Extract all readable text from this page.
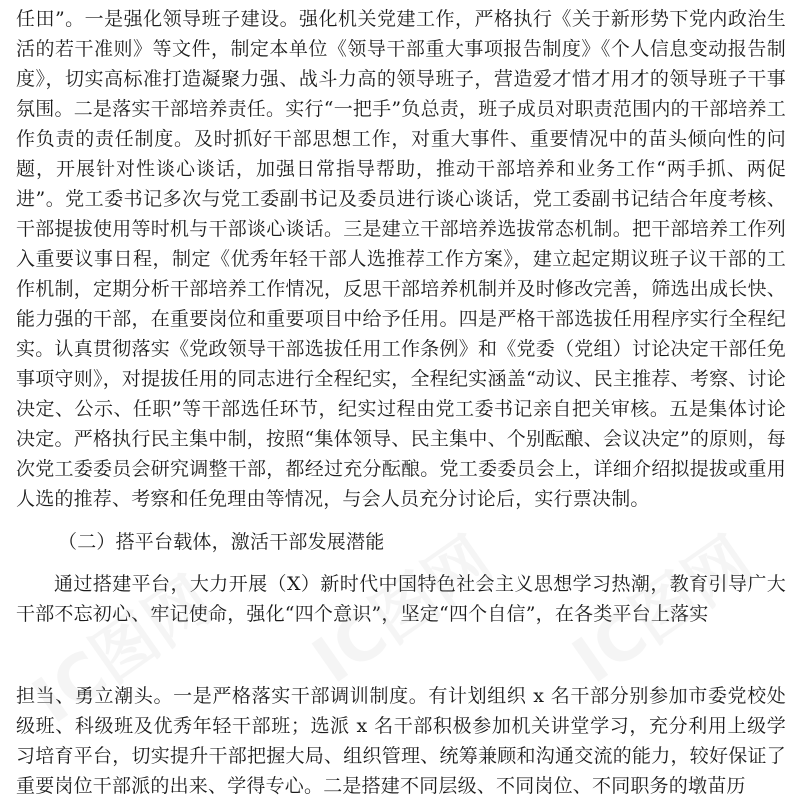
任田”。一是强化领导班子建设。强化机关党建工作，严格执行《关于新形势下党内政治生活的若干准则》等文件，制定本单位《领导干部重大事项报告制度》《个人信息变动报告制度》，切实高标准打造凝聚力强、战斗力高的领导班子，营造爱才惜才用才的领导班子干事氛围。二是落实干部培养责任。实行“一把手”负总责，班子成员对职责范围内的干部培养工作负责的责任制度。及时抓好干部思想工作，对重大事件、重要情况中的苗头倾向性的问题，开展针对性谈心谈话，加强日常指导帮助，推动干部培养和业务工作“两手抓、两促进”。党工委书记多次与党工委副书记及委员进行谈心谈话，党工委副书记结合年度考核、干部提拔使用等时机与干部谈心谈话。三是建立干部培养选拔常态机制。把干部培养工作列入重要议事日程，制定《优秀年轻干部人选推荐工作方案》，建立起定期议班子议干部的工作机制，定期分析干部培养工作情况，反思干部培养机制并及时修改完善，筛选出成长快、能力强的干部，在重要岗位和重要项目中给予任用。四是严格干部选拔任用程序实行全程纪实。认真贯彻落实《党政领导干部选拔任用工作条例》和《党委（党组）讨论决定干部任免事项守则》，对提拔任用的同志进行全程纪实，全程纪实涵盖“动议、民主推荐、考察、讨论决定、公示、任职”等干部选任环节，纪实过程由党工委书记亲自把关审核。五是集体讨论决定。严格执行民主集中制，按照“集体领导、民主集中、个别酝酿、会议决定”的原则，每次党工委委员会研究调整干部，都经过充分酝酿。党工委委员会上，详细介绍拟提拔或重用人选的推荐、考察和任免理由等情况，与会人员充分讨论后，实行票决制。

（二）搭平台载体，激活干部发展潜能

通过搭建平台，大力开展（X）新时代中国特色社会主义思想学习热潮，教育引导广大干部不忘初心、牢记使命，强化“四个意识”，坚定“四个自信”，在各类平台上落实

担当、勇立潮头。一是严格落实干部调训制度。有计划组织 x 名干部分别参加市委党校处级班、科级班及优秀年轻干部班；选派 x 名干部积极参加机关讲堂学习，充分利用上级学习培育平台，切实提升干部把握大局、组织管理、统筹兼顾和沟通交流的能力，较好保证了重要岗位干部派的出来、学得专心。二是搭建不同层级、不同岗位、不同职务的墩苗历

IC图网 IC图网 IC图网
